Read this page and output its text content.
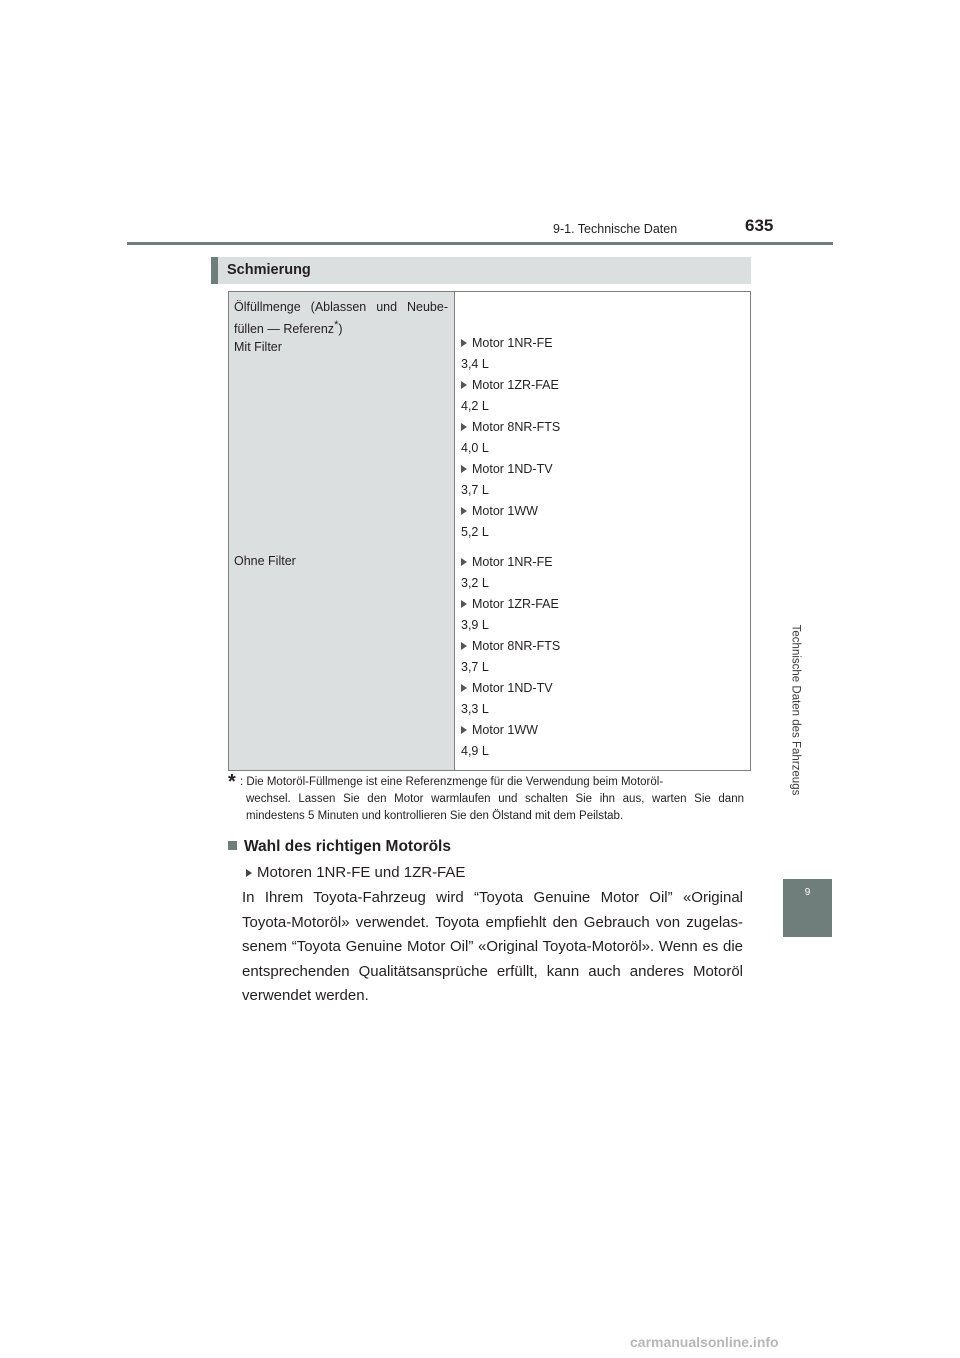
9-1. Technische Daten	635
Technische Daten des Fahrzeugs
9
Schmierung
Ölfüllmenge (Ablassen und Neube-
füllen — Referenz*)
Mit Filter
Ohne Filter
Motor 1NR-FE
3,4 L
Motor 1ZR-FAE
4,2 L
Motor 8NR-FTS
4,0 L
Motor 1ND-TV
3,7 L
Motor 1WW
5,2 L
Motor 1NR-FE
3,2 L
Motor 1ZR-FAE
3,9 L
Motor 8NR-FTS
3,7 L
Motor 1ND-TV
3,3 L
Motor 1WW
4,9 L
* : Die Motoröl-Füllmenge ist eine Referenzmenge für die Verwendung beim Motoröl-
wechsel. Lassen Sie den Motor warmlaufen und schalten Sie ihn aus, warten Sie dann mindestens 5 Minuten und kontrollieren Sie den Ölstand mit dem Peilstab.
Wahl des richtigen Motoröls
Motoren 1NR-FE und 1ZR-FAE
In Ihrem Toyota-Fahrzeug wird “Toyota Genuine Motor Oil” «Original Toyota-Motoröl» verwendet. Toyota empfiehlt den Gebrauch von zugelas-senem “Toyota Genuine Motor Oil” «Original Toyota-Motoröl». Wenn es die entsprechenden Qualitätsansprüche erfüllt, kann auch anderes Motoröl verwendet werden.
carmanualsonline.info
